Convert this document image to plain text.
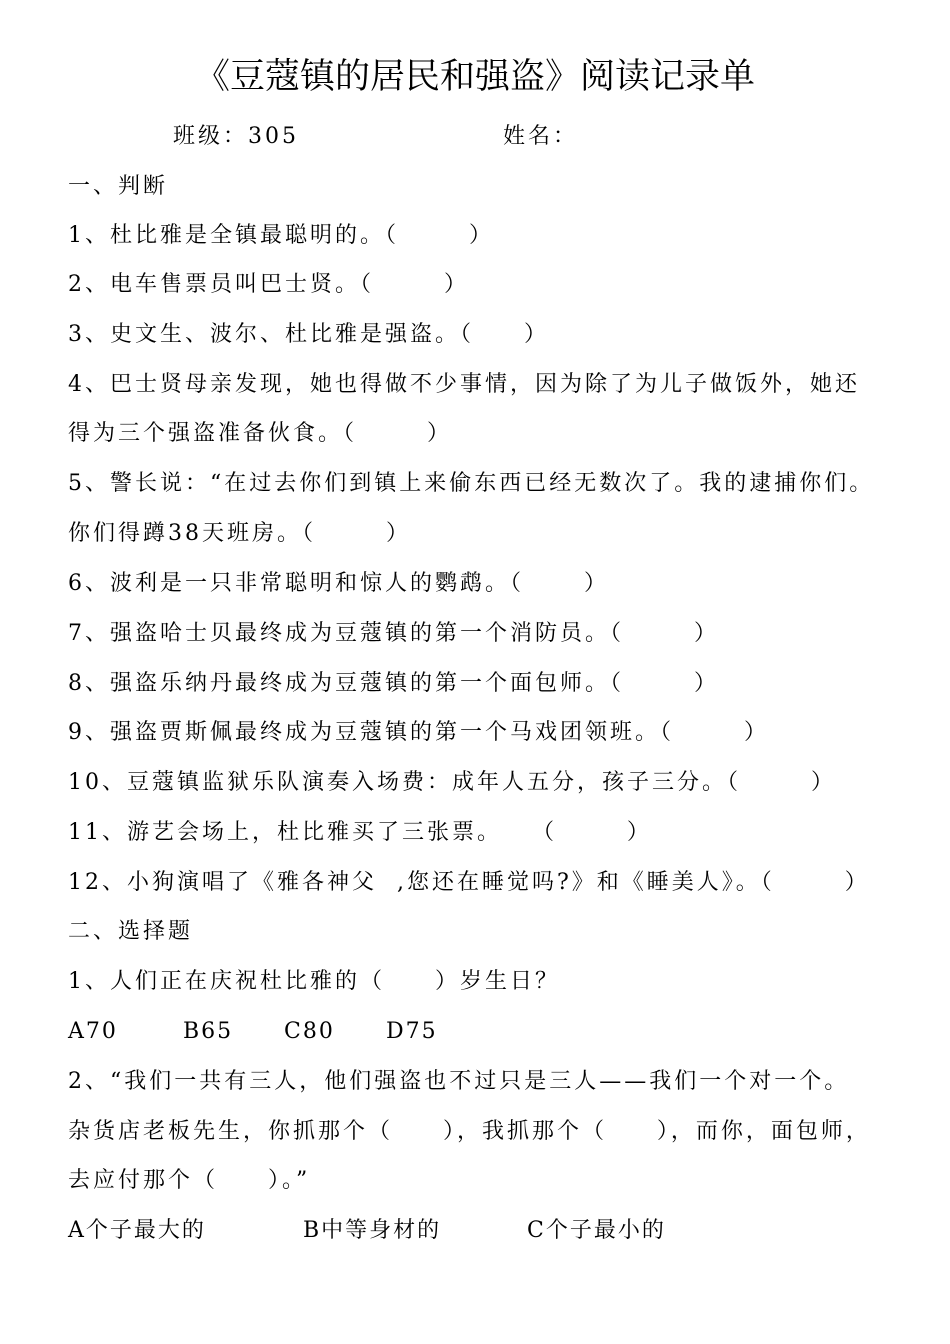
《豆蔻镇的居民和强盗》阅读记录单
班级：305	姓名：
一、判断
1、杜比雅是全镇最聪明的。（       ）
2、电车售票员叫巴士贤。（       ）
3、史文生、波尔、杜比雅是强盗。（     ）
4、巴士贤母亲发现，她也得做不少事情，因为除了为儿子做饭外，她还
得为三个强盗准备伙食。（       ）
5、警长说：“在过去你们到镇上来偷东西已经无数次了。我的逮捕你们。
你们得蹲38天班房。（       ）
6、波利是一只非常聪明和惊人的鹦鹉。（      ）
7、强盗哈士贝最终成为豆蔻镇的第一个消防员。（       ）
8、强盗乐纳丹最终成为豆蔻镇的第一个面包师。（       ）
9、强盗贾斯佩最终成为豆蔻镇的第一个马戏团领班。（       ）
10、豆蔻镇监狱乐队演奏入场费：成年人五分，孩子三分。（       ）
11、游艺会场上，杜比雅买了三张票。   （       ）
12、小狗演唱了《雅各神父  ,您还在睡觉吗?》和《睡美人》。（       ）
二、选择题
1、人们正在庆祝杜比雅的（     ）岁生日？
A70	B65 C80 D75
2、“我们一共有三人，他们强盗也不过只是三人——我们一个对一个。
杂货店老板先生，你抓那个（     ），我抓那个（     ），而你，面包师，
去应付那个（     ）。”
A个子最大的	B中等身材的	C个子最小的
